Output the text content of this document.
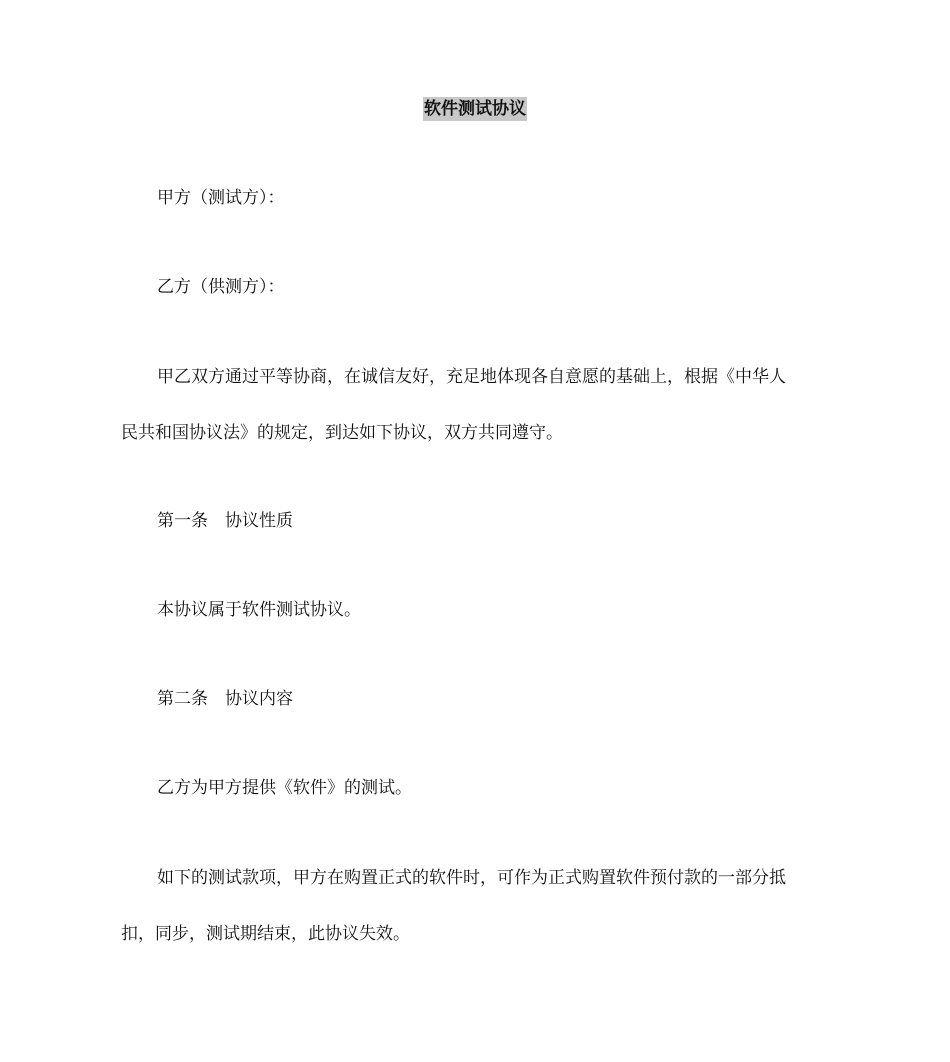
软件测试协议

甲方（测试方）：

乙方（供测方）：

甲乙双方通过平等协商，在诚信友好，充足地体现各自意愿的基础上，根据《中华人
民共和国协议法》的规定，到达如下协议，双方共同遵守。

第一条　协议性质

本协议属于软件测试协议。

第二条　协议内容

乙方为甲方提供《软件》的测试。

如下的测试款项，甲方在购置正式的软件时，可作为正式购置软件预付款的一部分抵
扣，同步，测试期结束，此协议失效。
